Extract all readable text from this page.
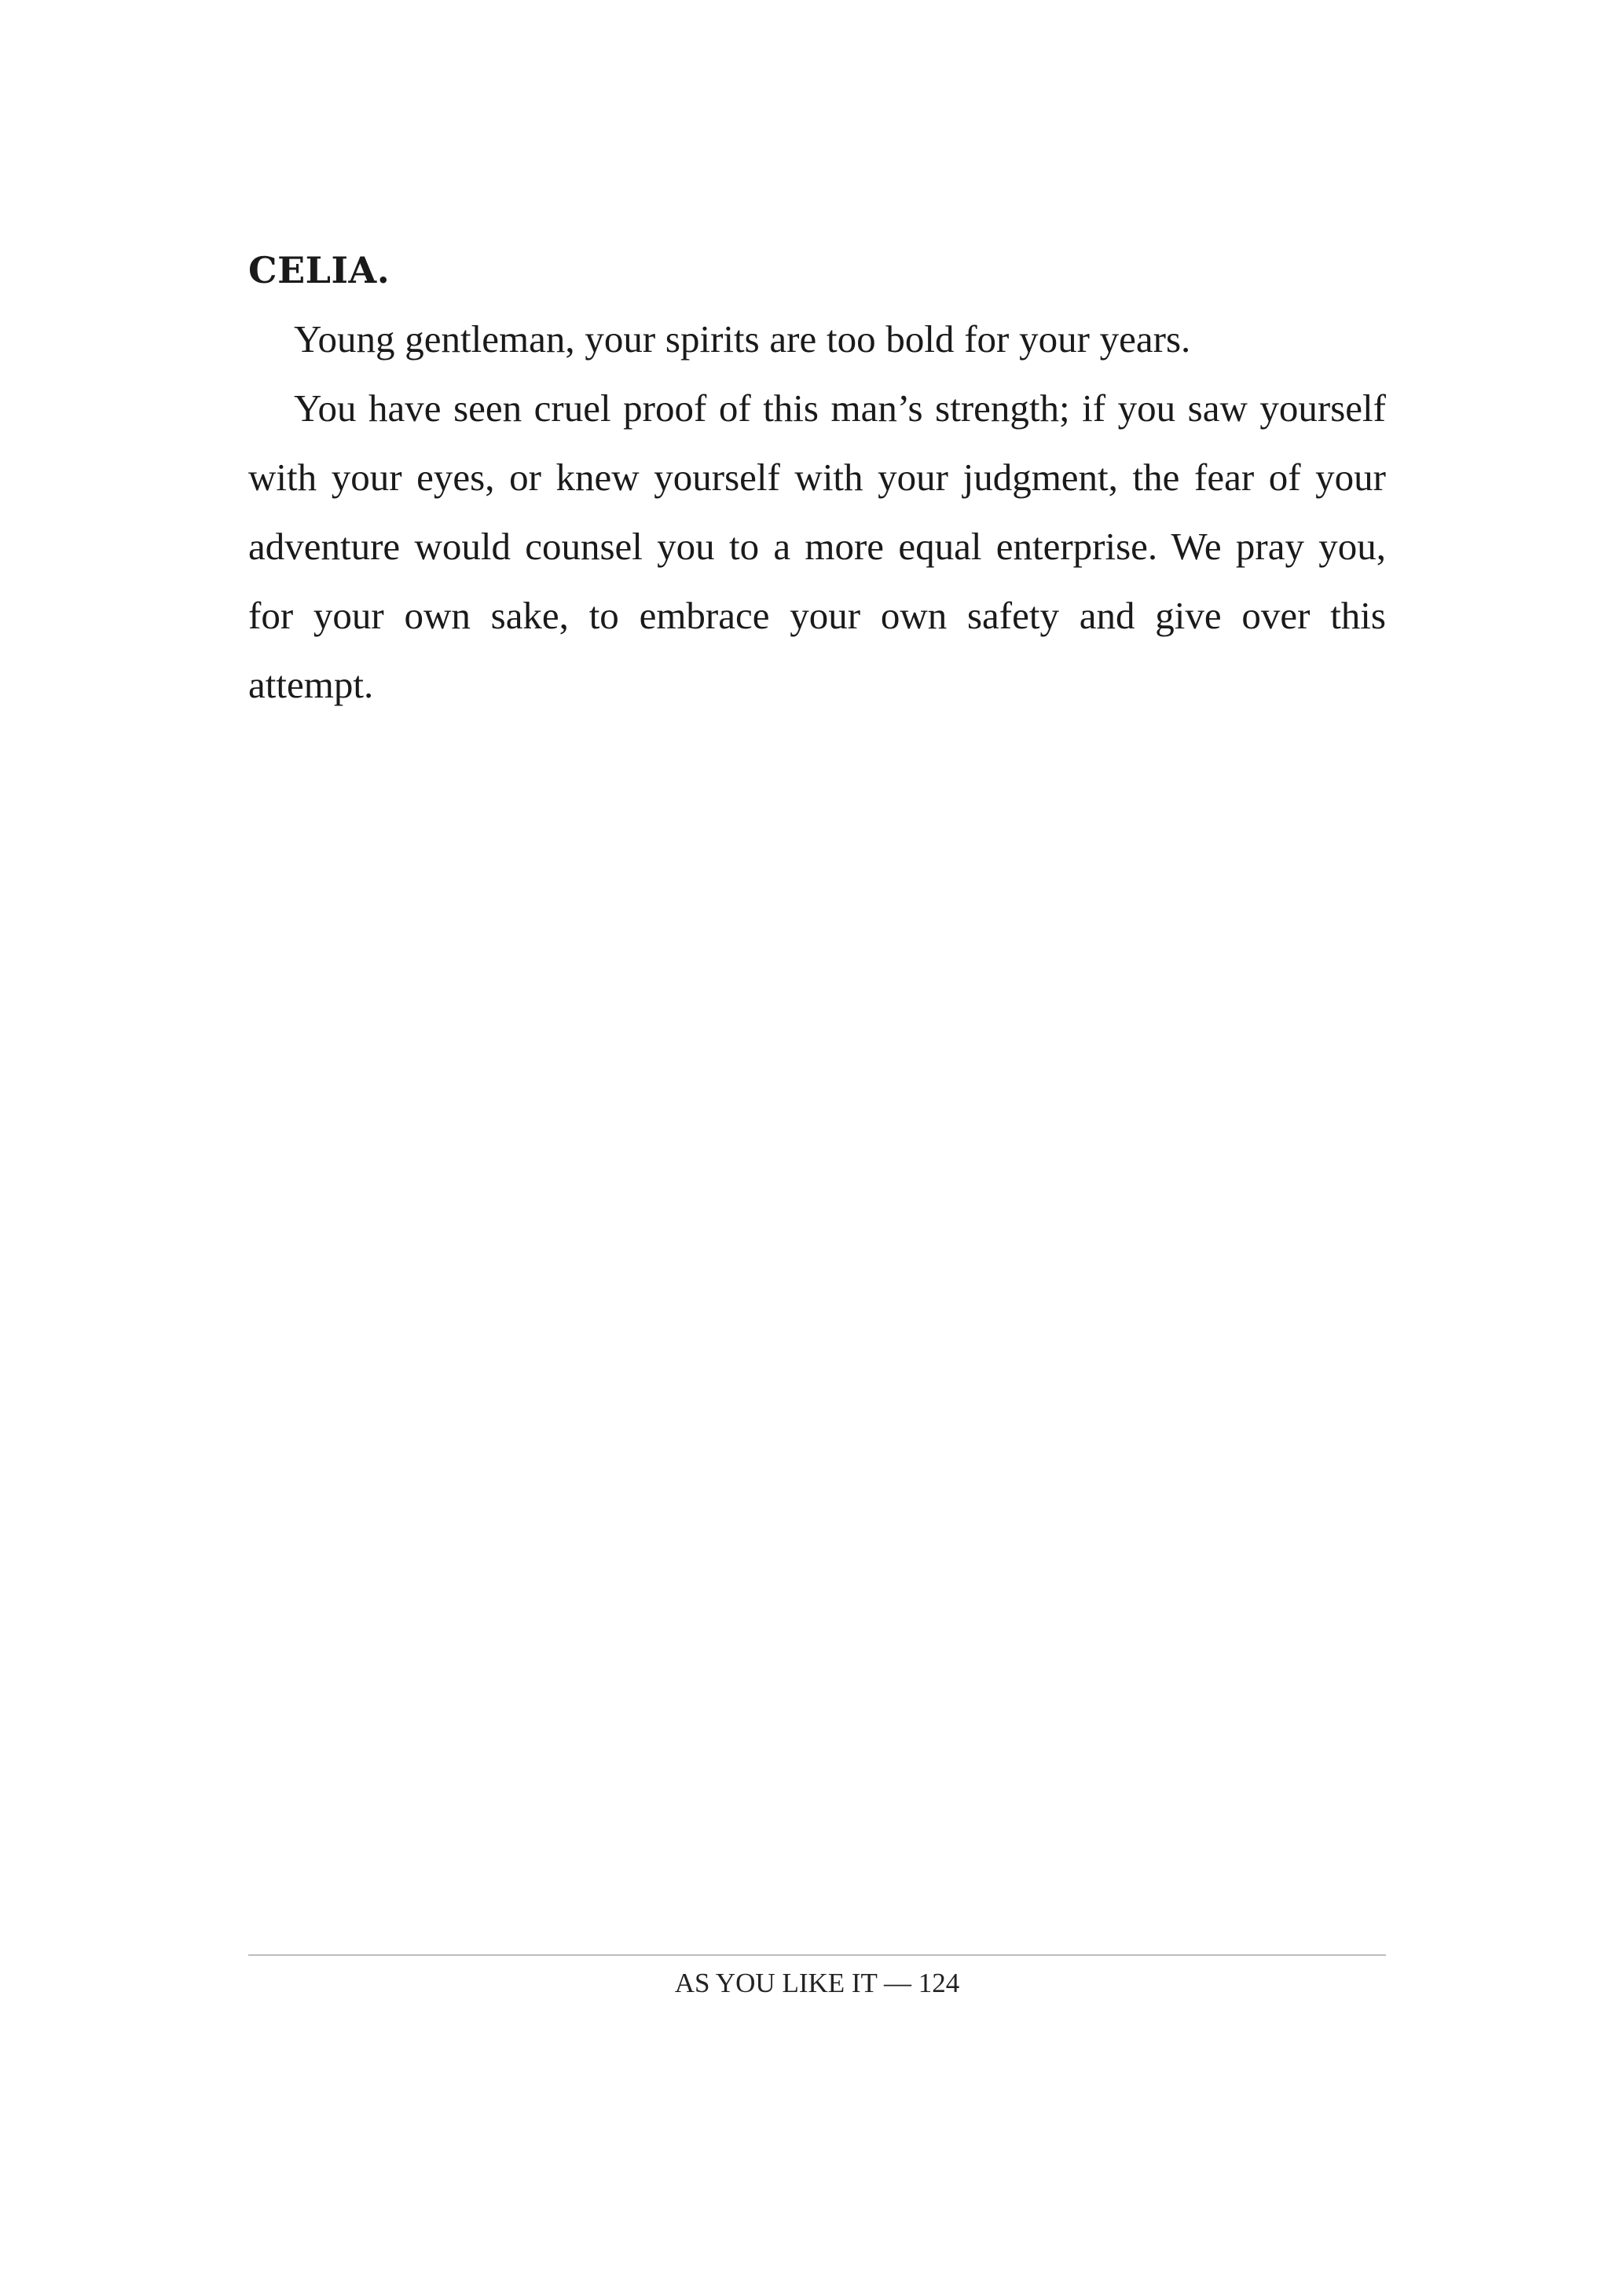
CELIA.

Young gentleman, your spirits are too bold for your years.

You have seen cruel proof of this man’s strength; if you saw yourself with your eyes, or knew yourself with your judgment, the fear of your adventure would counsel you to a more equal enterprise. We pray you, for your own sake, to embrace your own safety and give over this attempt.

AS YOU LIKE IT — 124
